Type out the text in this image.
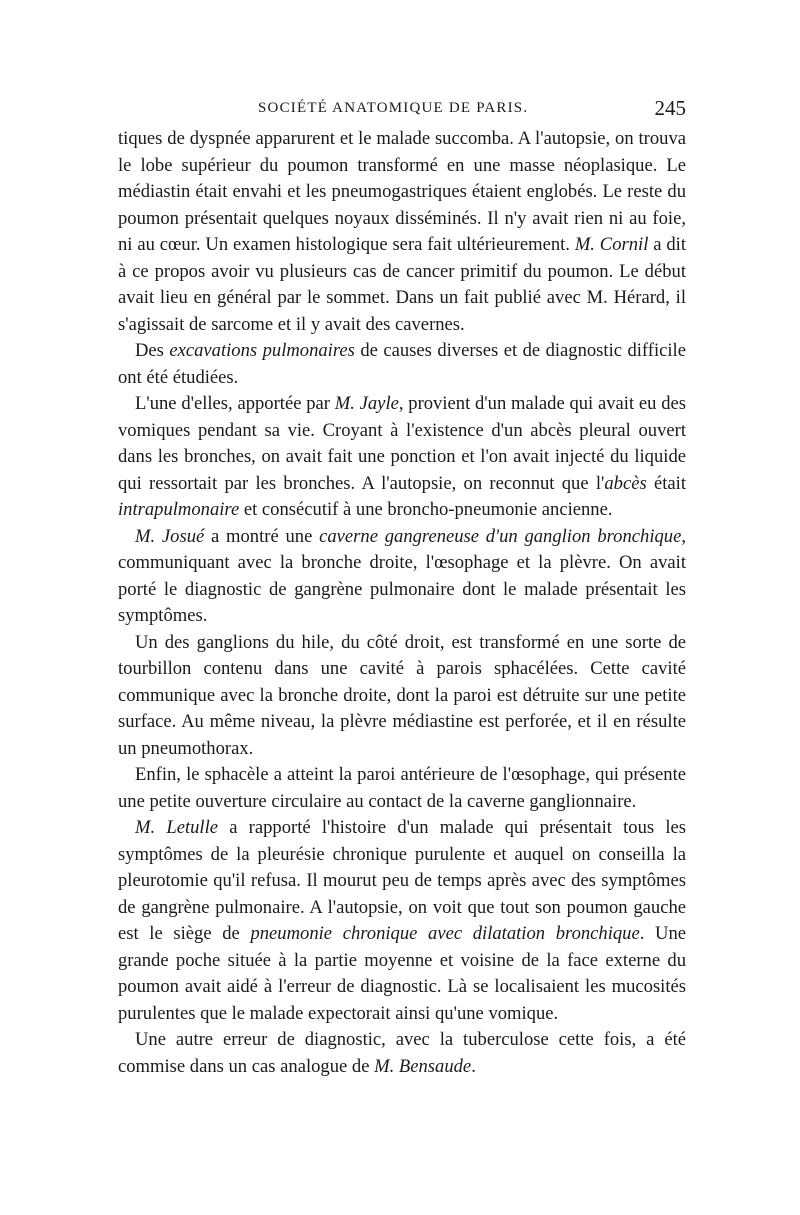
SOCIÉTÉ ANATOMIQUE DE PARIS.	245

tiques de dyspnée apparurent et le malade succomba. A l'autopsie, on trouva le lobe supérieur du poumon transformé en une masse néoplasique. Le médiastin était envahi et les pneumogastriques étaient englobés. Le reste du poumon présentait quelques noyaux disséminés. Il n'y avait rien ni au foie, ni au cœur. Un examen histologique sera fait ultérieurement. M. Cornil a dit à ce propos avoir vu plusieurs cas de cancer primitif du poumon. Le début avait lieu en général par le sommet. Dans un fait publié avec M. Hérard, il s'agissait de sarcome et il y avait des cavernes.

Des excavations pulmonaires de causes diverses et de diagnostic difficile ont été étudiées.

L'une d'elles, apportée par M. Jayle, provient d'un malade qui avait eu des vomiques pendant sa vie. Croyant à l'existence d'un abcès pleural ouvert dans les bronches, on avait fait une ponction et l'on avait injecté du liquide qui ressortait par les bronches. A l'autopsie, on reconnut que l'abcès était intrapulmonaire et consécutif à une broncho-pneumonie ancienne.

M. Josué a montré une caverne gangreneuse d'un ganglion bronchique, communiquant avec la bronche droite, l'œsophage et la plèvre. On avait porté le diagnostic de gangrène pulmonaire dont le malade présentait les symptômes.

Un des ganglions du hile, du côté droit, est transformé en une sorte de tourbillon contenu dans une cavité à parois sphacélées. Cette cavité communique avec la bronche droite, dont la paroi est détruite sur une petite surface. Au même niveau, la plèvre médiastine est perforée, et il en résulte un pneumothorax.

Enfin, le sphacèle a atteint la paroi antérieure de l'œsophage, qui présente une petite ouverture circulaire au contact de la caverne ganglionnaire.

M. Letulle a rapporté l'histoire d'un malade qui présentait tous les symptômes de la pleurésie chronique purulente et auquel on conseilla la pleurotomie qu'il refusa. Il mourut peu de temps après avec des symptômes de gangrène pulmonaire. A l'autopsie, on voit que tout son poumon gauche est le siège de pneumonie chronique avec dilatation bronchique. Une grande poche située à la partie moyenne et voisine de la face externe du poumon avait aidé à l'erreur de diagnostic. Là se localisaient les mucosités purulentes que le malade expectorait ainsi qu'une vomique.

Une autre erreur de diagnostic, avec la tuberculose cette fois, a été commise dans un cas analogue de M. Bensaude.
